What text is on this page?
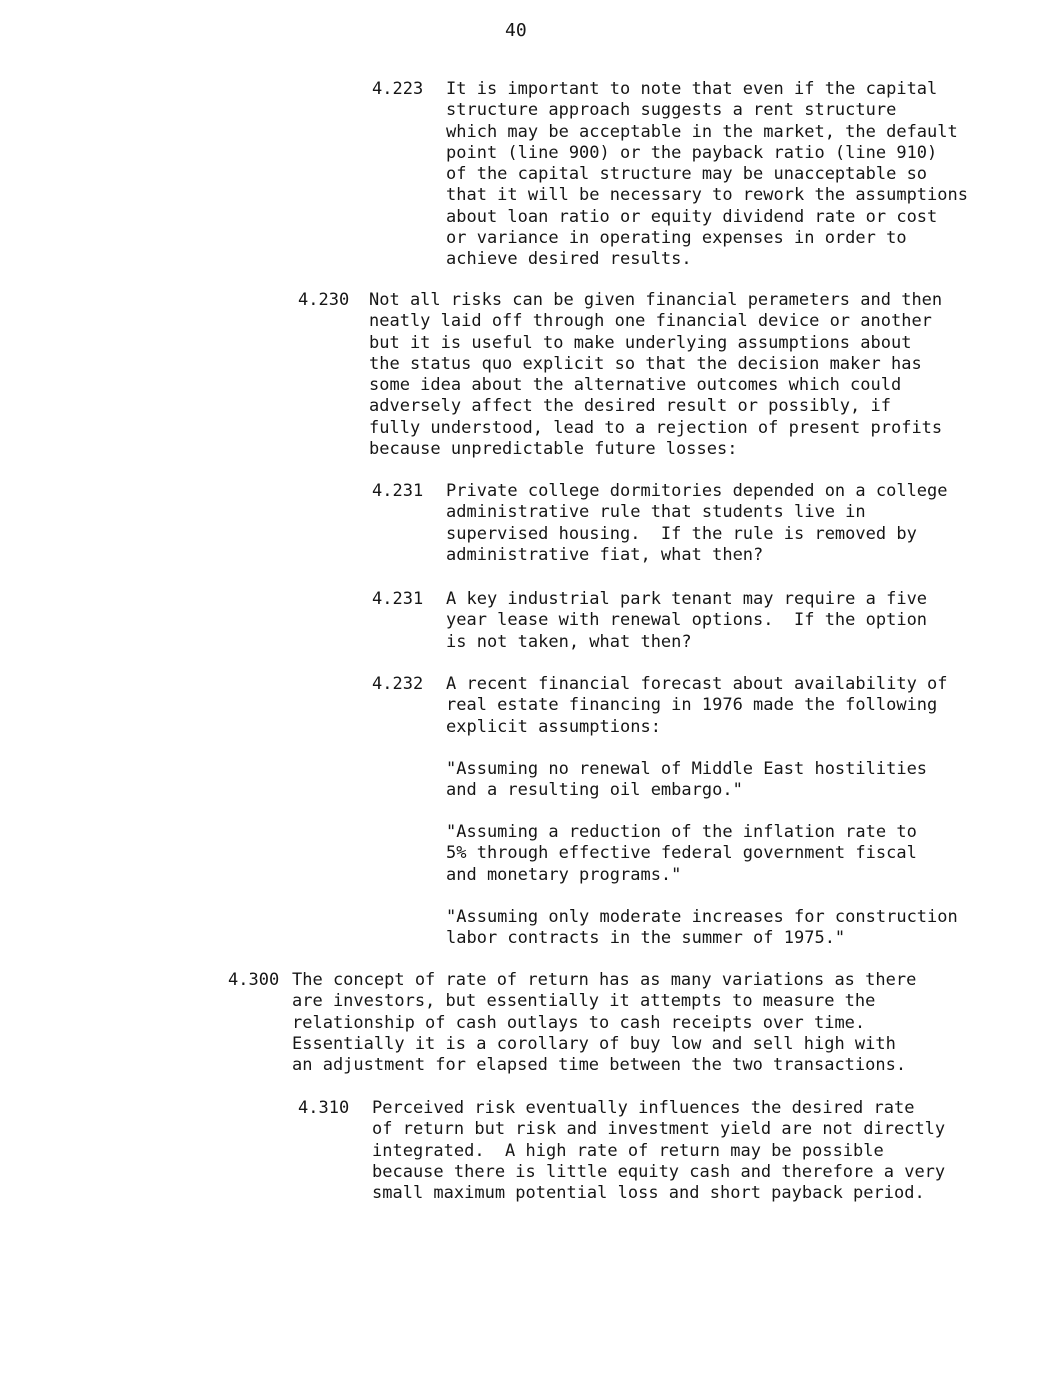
40
4.223 It is important to note that even if the capital
structure approach suggests a rent structure
which may be acceptable in the market, the default
point (line 900) or the payback ratio (line 910)
of the capital structure may be unacceptable so
that it will be necessary to rework the assumptions
about loan ratio or equity dividend rate or cost
or variance in operating expenses in order to
achieve desired results.
4.230 Not all risks can be given financial perameters and then
neatly laid off through one financial device or another
but it is useful to make underlying assumptions about
the status quo explicit so that the decision maker has
some idea about the alternative outcomes which could
adversely affect the desired result or possibly, if
fully understood, lead to a rejection of present profits
because unpredictable future losses:
4.231 Private college dormitories depended on a college
administrative rule that students live in
supervised housing.  If the rule is removed by
administrative fiat, what then?
4.231 A key industrial park tenant may require a five
year lease with renewal options.  If the option
is not taken, what then?
4.232 A recent financial forecast about availability of
real estate financing in 1976 made the following
explicit assumptions:
"Assuming no renewal of Middle East hostilities
and a resulting oil embargo."
"Assuming a reduction of the inflation rate to
5% through effective federal government fiscal
and monetary programs."
"Assuming only moderate increases for construction
labor contracts in the summer of 1975."
4.300 The concept of rate of return has as many variations as there
are investors, but essentially it attempts to measure the
relationship of cash outlays to cash receipts over time.
Essentially it is a corollary of buy low and sell high with
an adjustment for elapsed time between the two transactions.
4.310 Perceived risk eventually influences the desired rate
of return but risk and investment yield are not directly
integrated.  A high rate of return may be possible
because there is little equity cash and therefore a very
small maximum potential loss and short payback period.
